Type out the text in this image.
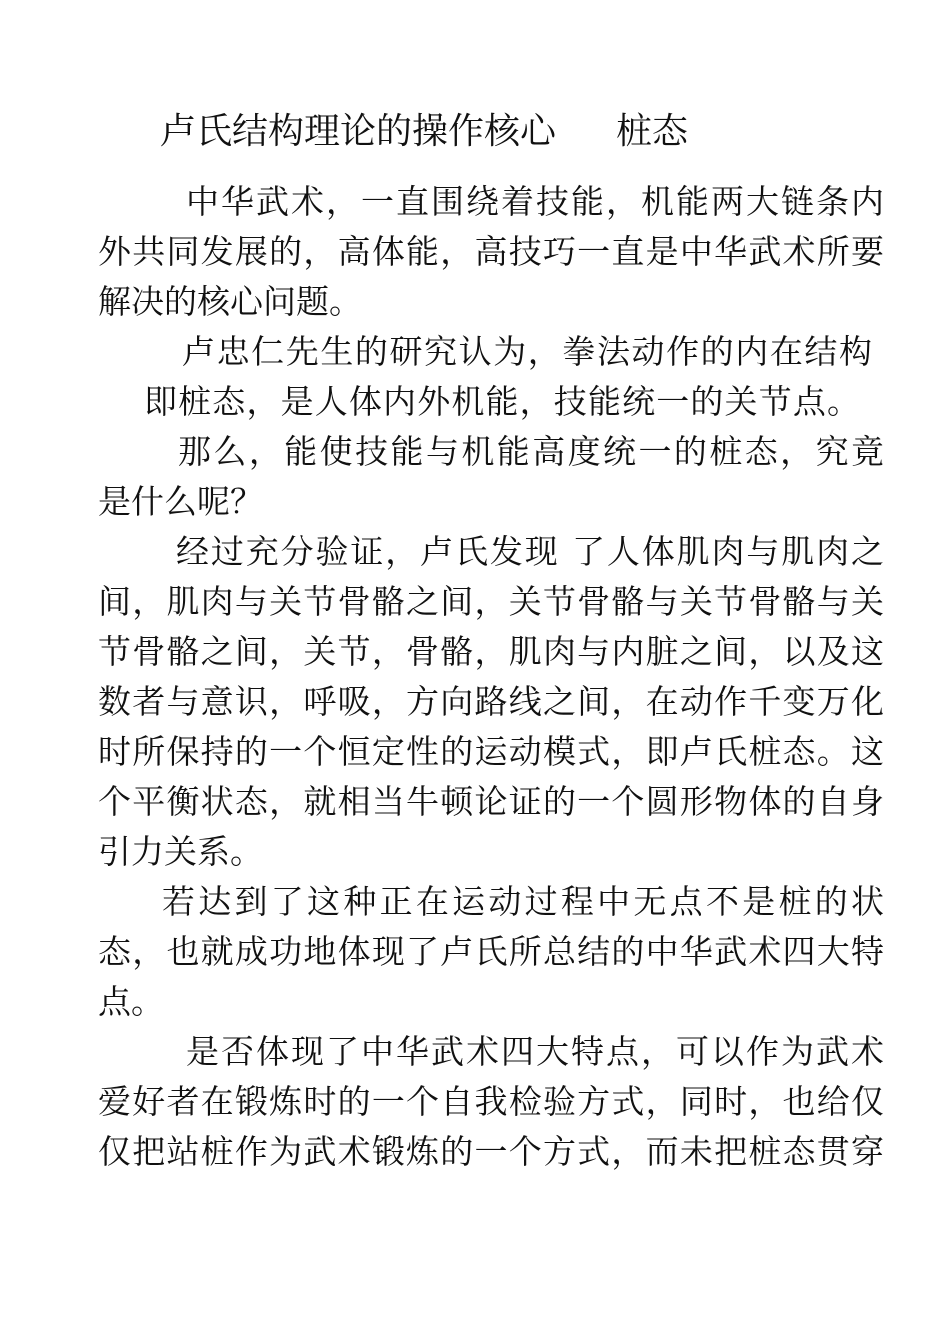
卢氏结构理论的操作核心 桩态
中华武术，一直围绕着技能，机能两大链条内
外共同发展的，高体能，高技巧一直是中华武术所要
解决的核心问题。
卢忠仁先生的研究认为，拳法动作的内在结构
即桩态，是人体内外机能，技能统一的关节点。
那么，能使技能与机能高度统一的桩态，究竟
是什么呢？
经过充分验证，卢氏发现 了人体肌肉与肌肉之
间，肌肉与关节骨骼之间，关节骨骼与关节骨骼与关
节骨骼之间，关节，骨骼，肌肉与内脏之间，以及这
数者与意识，呼吸，方向路线之间，在动作千变万化
时所保持的一个恒定性的运动模式，即卢氏桩态。这
个平衡状态，就相当牛顿论证的一个圆形物体的自身
引力关系。
若达到了这种正在运动过程中无点不是桩的状
态，也就成功地体现了卢氏所总结的中华武术四大特
点。
是否体现了中华武术四大特点，可以作为武术
爱好者在锻炼时的一个自我检验方式，同时，也给仅
仅把站桩作为武术锻炼的一个方式，而未把桩态贯穿
